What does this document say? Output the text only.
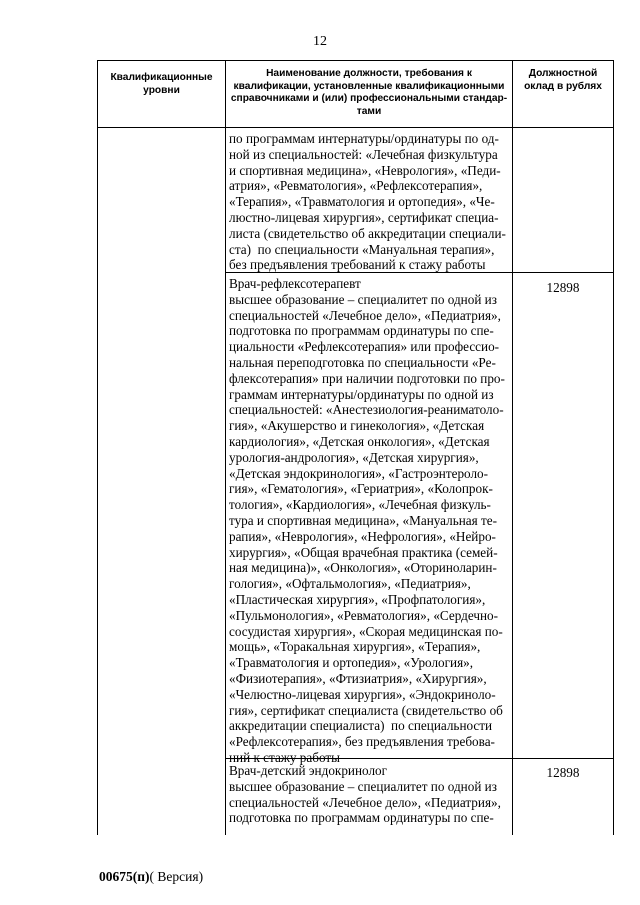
12
Квалификационные
уровни
Наименование должности, требования к
квалификации, установленные квалификационными
справочниками и (или) профессиональными стандар-
тами
Должностной
оклад в рублях
по программам интернатуры/ординатуры по од-
ной из специальностей: «Лечебная физкультура
и спортивная медицина», «Неврология», «Педи-
атрия», «Ревматология», «Рефлексотерапия»,
«Терапия», «Травматология и ортопедия», «Че-
люстно-лицевая хирургия», сертификат специа-
листа (свидетельство об аккредитации специали-
ста)  по специальности «Мануальная терапия»,
без предъявления требований к стажу работы
Врач-рефлексотерапевт
высшее образование – специалитет по одной из
специальностей «Лечебное дело», «Педиатрия»,
подготовка по программам ординатуры по спе-
циальности «Рефлексотерапия» или профессио-
нальная переподготовка по специальности «Ре-
флексотерапия» при наличии подготовки по про-
граммам интернатуры/ординатуры по одной из
специальностей: «Анестезиология-реаниматоло-
гия», «Акушерство и гинекология», «Детская
кардиология», «Детская онкология», «Детская
урология-андрология», «Детская хирургия»,
«Детская эндокринология», «Гастроэнтероло-
гия», «Гематология», «Гериатрия», «Колопрок-
тология», «Кардиология», «Лечебная физкуль-
тура и спортивная медицина», «Мануальная те-
рапия», «Неврология», «Нефрология», «Нейро-
хирургия», «Общая врачебная практика (семей-
ная медицина)», «Онкология», «Оториноларин-
гология», «Офтальмология», «Педиатрия»,
«Пластическая хирургия», «Профпатология»,
«Пульмонология», «Ревматология», «Сердечно-
сосудистая хирургия», «Скорая медицинская по-
мощь», «Торакальная хирургия», «Терапия»,
«Травматология и ортопедия», «Урология»,
«Физиотерапия», «Фтизиатрия», «Хирургия»,
«Челюстно-лицевая хирургия», «Эндокриноло-
гия», сертификат специалиста (свидетельство об
аккредитации специалиста)  по специальности
«Рефлексотерапия», без предъявления требова-
ний к стажу работы
12898
Врач-детский эндокринолог
высшее образование – специалитет по одной из
специальностей «Лечебное дело», «Педиатрия»,
подготовка по программам ординатуры по спе-
12898
00675(п)( Версия)
